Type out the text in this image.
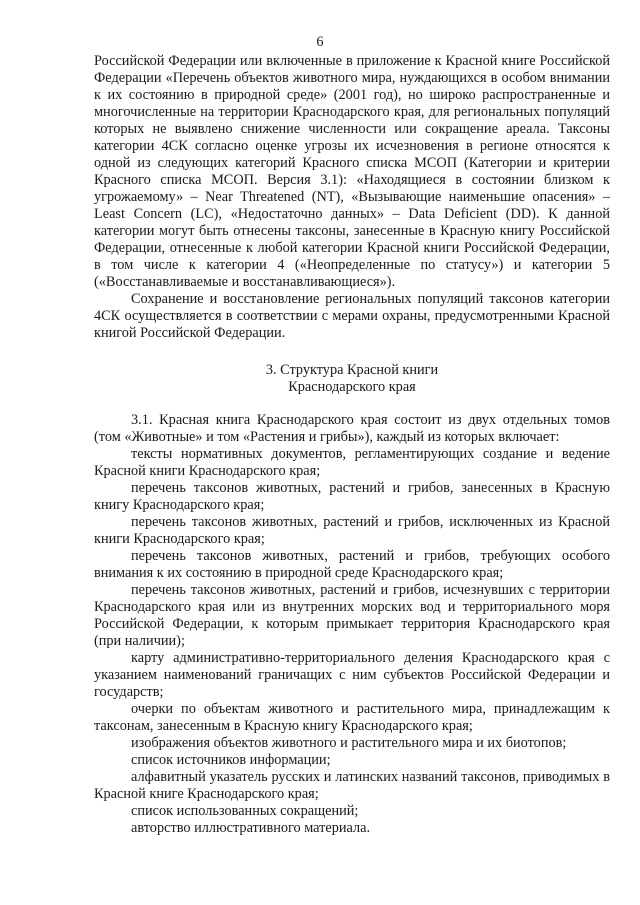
6

Российской Федерации или включенные в приложение к Красной книге Российской Федерации «Перечень объектов животного мира, нуждающихся в особом внимании к их состоянию в природной среде» (2001 год), но широко распространенные и многочисленные на территории Краснодарского края, для региональных популяций которых не выявлено снижение численности или сокращение ареала. Таксоны категории 4СК согласно оценке угрозы их исчезновения в регионе относятся к одной из следующих категорий Красного списка МСОП (Категории и критерии Красного списка МСОП. Версия 3.1): «Находящиеся в состоянии близком к угрожаемому» – Near Threatened (NT), «Вызывающие наименьшие опасения» – Least Concern (LC), «Недостаточно данных» – Data Deficient (DD). К данной категории могут быть отнесены таксоны, занесенные в Красную книгу Российской Федерации, отнесенные к любой категории Красной книги Российской Федерации, в том числе к категории 4 («Неопределенные по статусу») и категории 5 («Восстанавливаемые и восстанавливающиеся»).

Сохранение и восстановление региональных популяций таксонов категории 4СК осуществляется в соответствии с мерами охраны, предусмотренными Красной книгой Российской Федерации.

3. Структура Красной книги

Краснодарского края

3.1. Красная книга Краснодарского края состоит из двух отдельных томов (том «Животные» и том «Растения и грибы»), каждый из которых включает:

тексты нормативных документов, регламентирующих создание и ведение Красной книги Краснодарского края;

перечень таксонов животных, растений и грибов, занесенных в Красную книгу Краснодарского края;

перечень таксонов животных, растений и грибов, исключенных из Красной книги Краснодарского края;

перечень таксонов животных, растений и грибов, требующих особого внимания к их состоянию в природной среде Краснодарского края;

перечень таксонов животных, растений и грибов, исчезнувших с территории Краснодарского края или из внутренних морских вод и территориального моря Российской Федерации, к которым примыкает территория Краснодарского края (при наличии);

карту административно-территориального деления Краснодарского края с указанием наименований граничащих с ним субъектов Российской Федерации и государств;

очерки по объектам животного и растительного мира, принадлежащим к таксонам, занесенным в Красную книгу Краснодарского края;

изображения объектов животного и растительного мира и их биотопов;

список источников информации;

алфавитный указатель русских и латинских названий таксонов, приводимых в Красной книге Краснодарского края;

список использованных сокращений;

авторство иллюстративного материала.
